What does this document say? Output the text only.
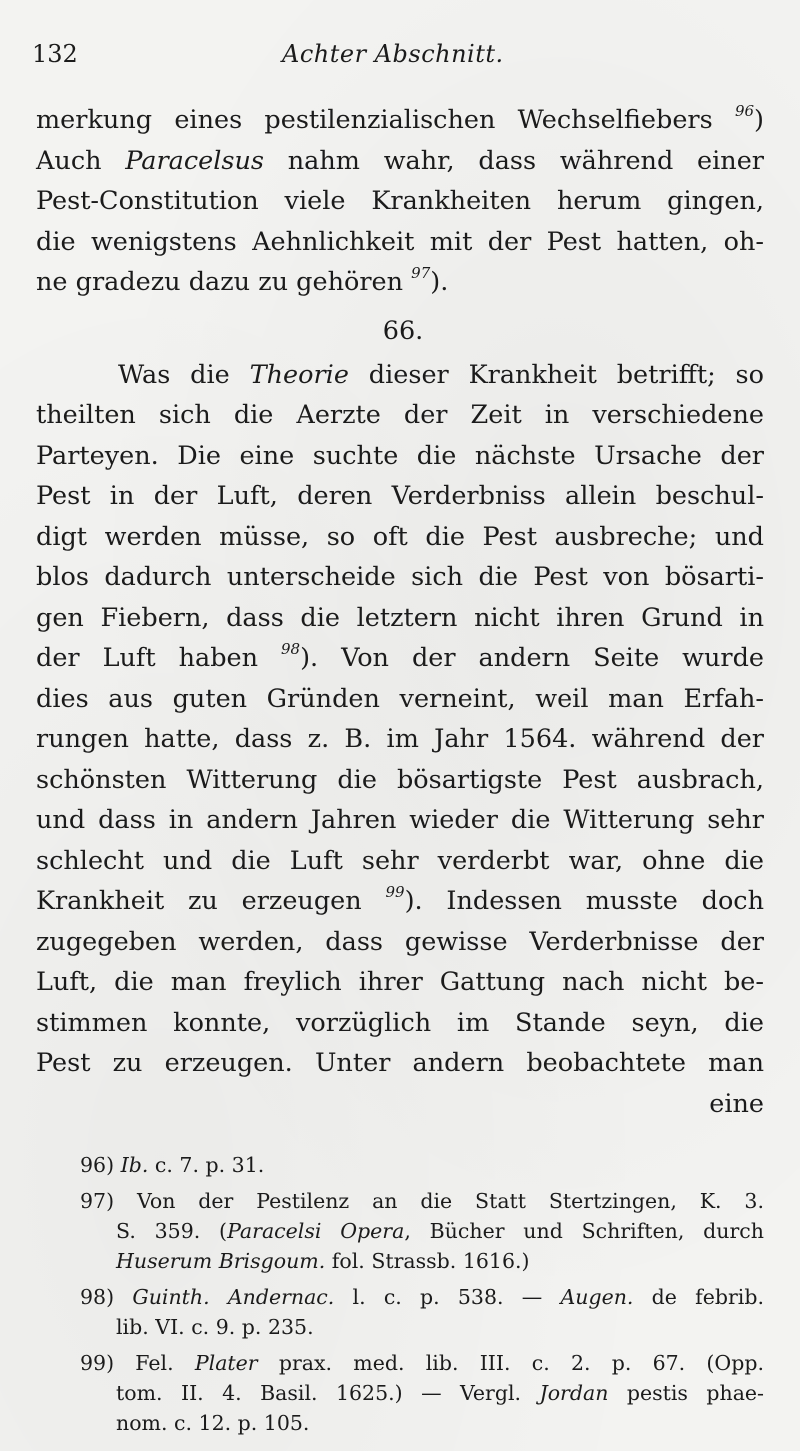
132	Achter Abschnitt.
merkung eines pestilenzialischen Wechselfiebers $^{96}$)
Auch Paracelsus nahm wahr, dass während einer
Pest-Constitution viele Krankheiten herum gingen,
die wenigstens Aehnlichkeit mit der Pest hatten, oh-
ne gradezu dazu zu gehören $^{97}$).
66.
Was die Theorie dieser Krankheit betrifft; so
theilten sich die Aerzte der Zeit in verschiedene
Parteyen. Die eine suchte die nächste Ursache der
Pest in der Luft, deren Verderbniss allein beschul-
digt werden müsse, so oft die Pest ausbreche; und
blos dadurch unterscheide sich die Pest von bösarti-
gen Fiebern, dass die letztern nicht ihren Grund in
der Luft haben $^{98}$). Von der andern Seite wurde
dies aus guten Gründen verneint, weil man Erfah-
rungen hatte, dass z. B. im Jahr 1564. während der
schönsten Witterung die bösartigste Pest ausbrach,
und dass in andern Jahren wieder die Witterung sehr
schlecht und die Luft sehr verderbt war, ohne die
Krankheit zu erzeugen $^{99}$). Indessen musste doch
zugegeben werden, dass gewisse Verderbnisse der
Luft, die man freylich ihrer Gattung nach nicht be-
stimmen konnte, vorzüglich im Stande seyn, die
Pest zu erzeugen. Unter andern beobachtete man
eine
96) Ib. c. 7. p. 31.
97) Von der Pestilenz an die Statt Stertzingen, K. 3.
S. 359. (Paracelsi Opera, Bücher und Schriften, durch
Huserum Brisgoum. fol. Strassb. 1616.)
98) Guinth. Andernac. l. c. p. 538. — Augen. de febrib.
lib. VI. c. 9. p. 235.
99) Fel. Plater prax. med. lib. III. c. 2. p. 67. (Opp.
tom. II. 4. Basil. 1625.) — Vergl. Jordan pestis phae-
nom. c. 12. p. 105.
